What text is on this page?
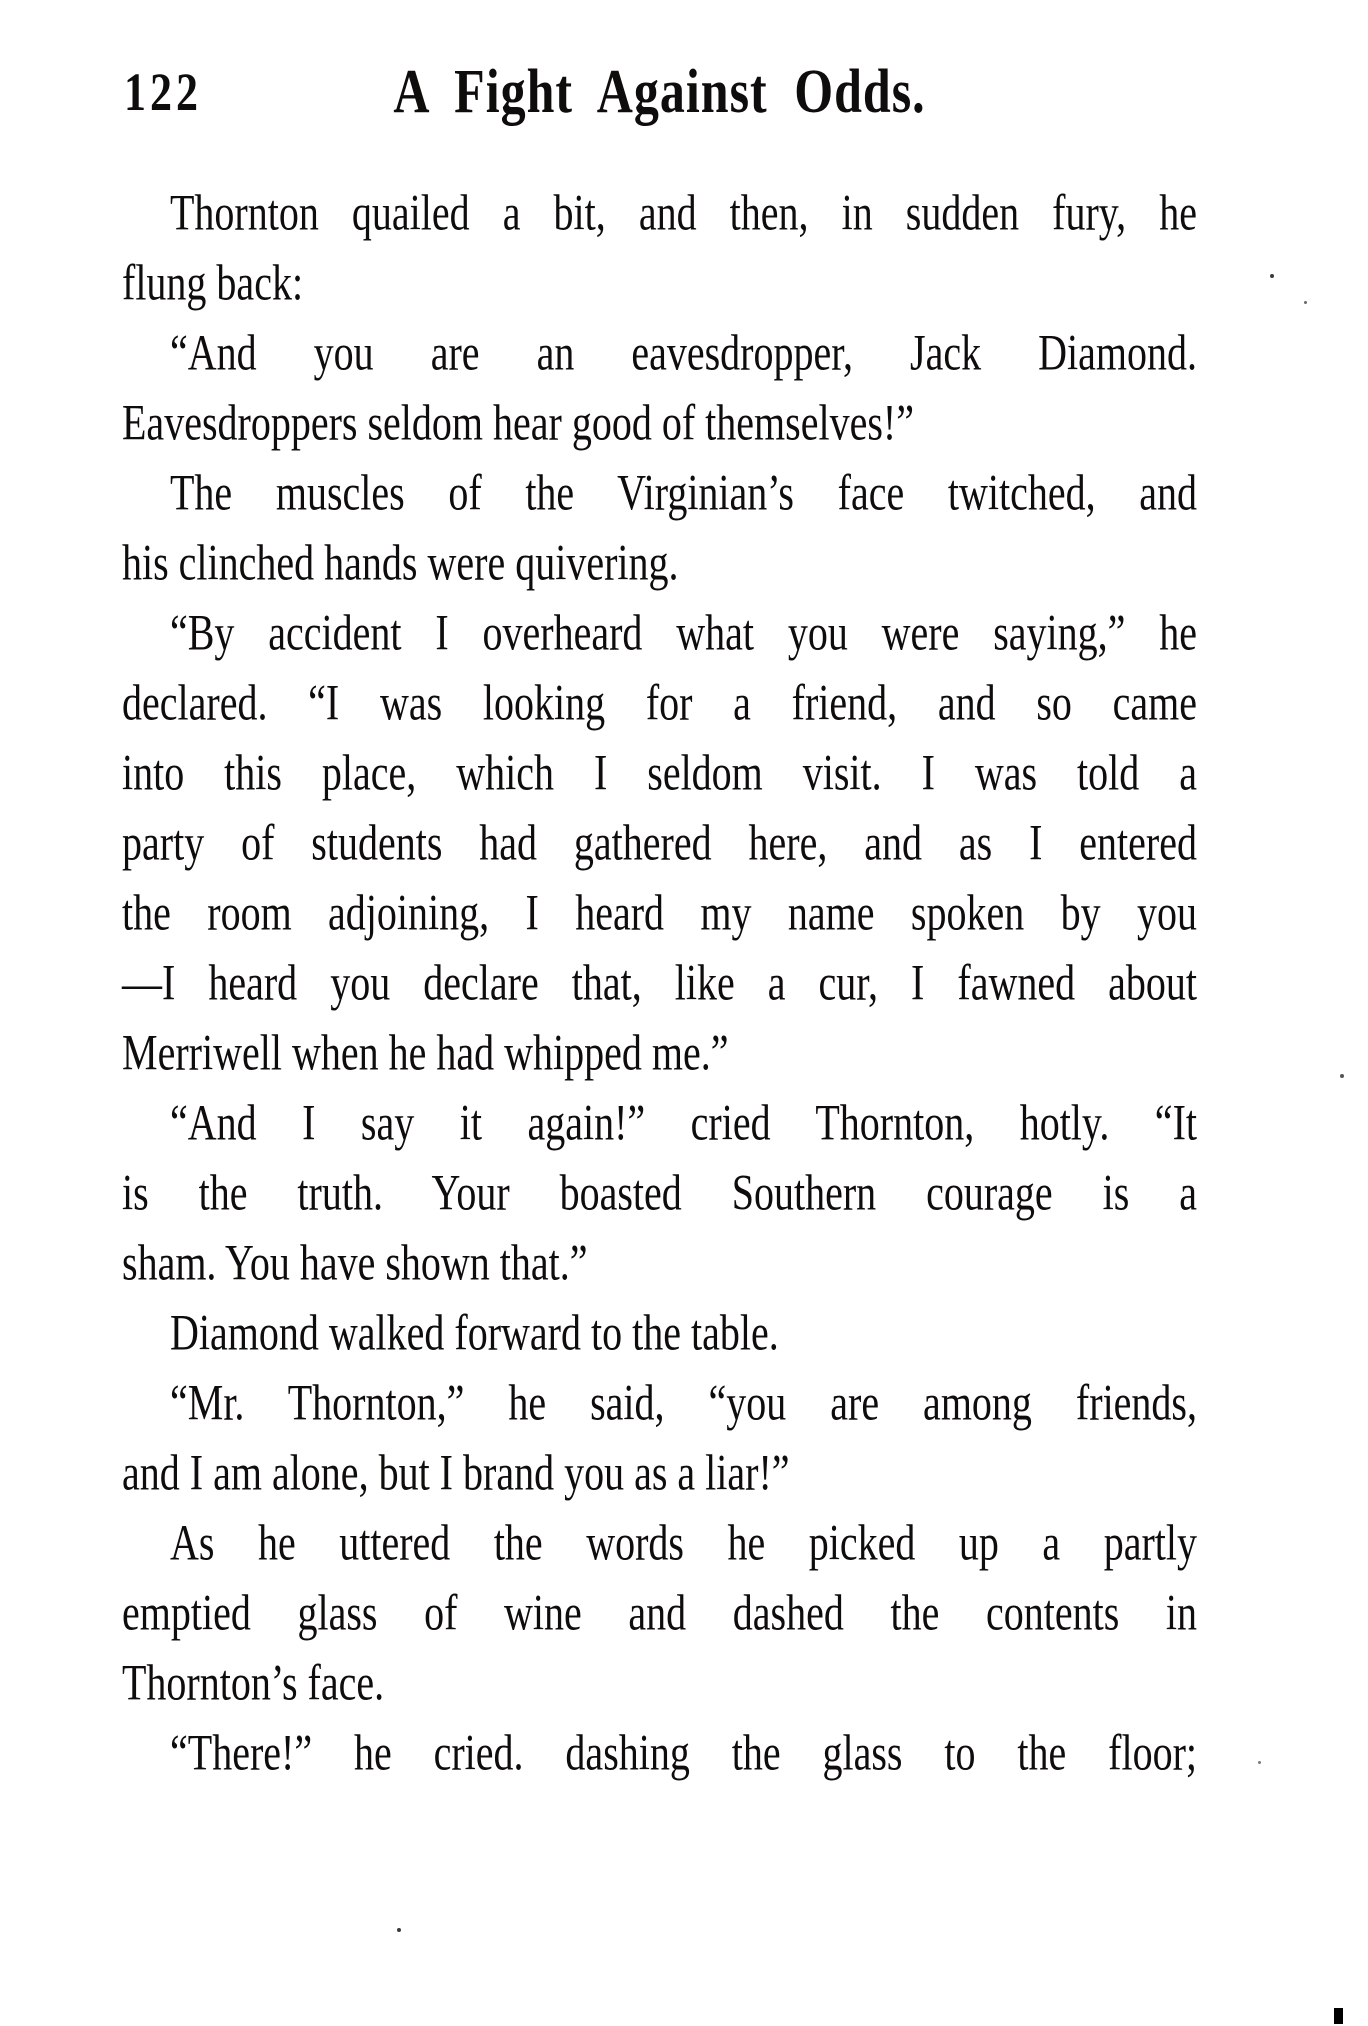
122	A Fight Against Odds.
Thornton quailed a bit, and then, in sudden fury, he
flung back:
“And you are an eavesdropper, Jack Diamond.
Eavesdroppers seldom hear good of themselves!”
The muscles of the Virginian’s face twitched, and
his clinched hands were quivering.
“By accident I overheard what you were saying,” he
declared. “I was looking for a friend, and so came
into this place, which I seldom visit. I was told a
party of students had gathered here, and as I entered
the room adjoining, I heard my name spoken by you
—I heard you declare that, like a cur, I fawned about
Merriwell when he had whipped me.”
“And I say it again!” cried Thornton, hotly. “It
is the truth. Your boasted Southern courage is a
sham. You have shown that.”
Diamond walked forward to the table.
“Mr. Thornton,” he said, “you are among friends,
and I am alone, but I brand you as a liar!”
As he uttered the words he picked up a partly
emptied glass of wine and dashed the contents in
Thornton’s face.
“There!” he cried. dashing the glass to the floor;
